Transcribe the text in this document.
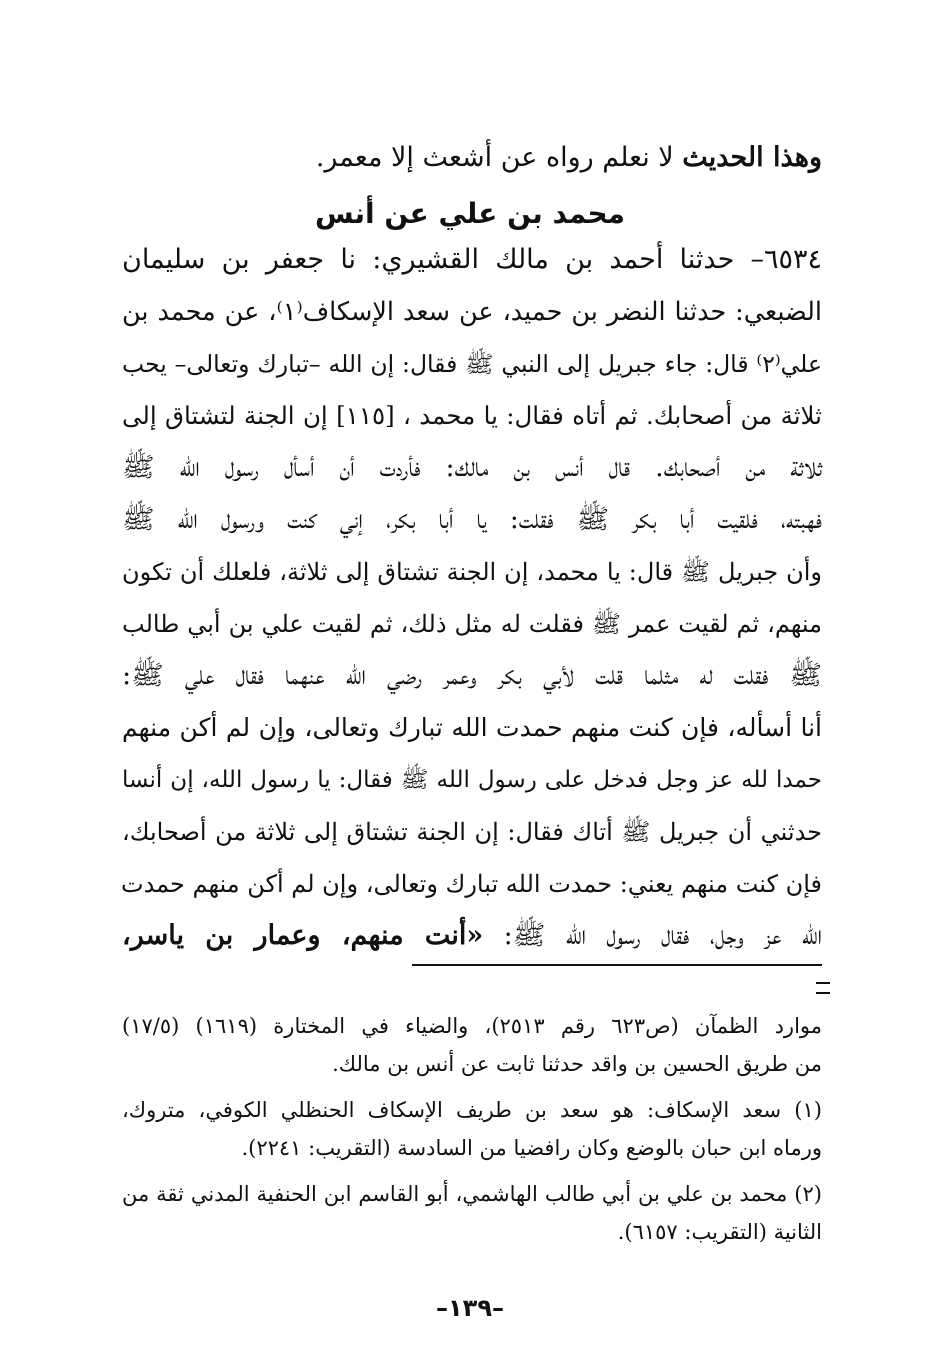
وهذا الحديث لا نعلم رواه عن أشعث إلا معمر.
محمد بن علي عن أنس
٦٥٣٤– حدثنا أحمد بن مالك القشيري: نا جعفر بن سليمان
الضبعي: حدثنا النضر بن حميد، عن سعد الإسكاف⁽١⁾، عن محمد بن
علي⁽٢⁾ قال: جاء جبريل إلى النبي ﷺ فقال: إن الله –تبارك وتعالى– يحب
ثلاثة من أصحابك. ثم أتاه فقال: يا محمد ، [١١٥] إن الجنة لتشتاق إلى
ثلاثة من أصحابك. قال أنس بن مالك: فأردت أن أسأل رسول الله ﷺ
فهبته، فلقيت أبا بكر ﷺ فقلت: يا أبا بكر، إني كنت ورسول الله ﷺ
وأن جبريل ﷺ قال: يا محمد، إن الجنة تشتاق إلى ثلاثة، فلعلك أن تكون
منهم، ثم لقيت عمر ﷺ فقلت له مثل ذلك، ثم لقيت علي بن أبي طالب
ﷺ فقلت له مثلما قلت لأبي بكر وعمر رضي الله عنهما فقال علي ﷺ:
أنا أسأله، فإن كنت منهم حمدت الله تبارك وتعالى، وإن لم أكن منهم
حمدا لله عز وجل فدخل على رسول الله ﷺ فقال: يا رسول الله، إن أنسا
حدثني أن جبريل ﷺ أتاك فقال: إن الجنة تشتاق إلى ثلاثة من أصحابك،
فإن كنت منهم يعني: حمدت الله تبارك وتعالى، وإن لم أكن منهم حمدت
الله عز وجل، فقال رسول الله ﷺ: «أنت منهم، وعمار بن ياسر،
موارد الظمآن (ص٦٢٣ رقم ٢٥١٣)، والضياء في المختارة (١٦١٩) (١٧/٥)
من طريق الحسين بن واقد حدثنا ثابت عن أنس بن مالك.
(١) سعد الإسكاف: هو سعد بن طريف الإسكاف الحنظلي الكوفي، متروك،
ورماه ابن حبان بالوضع وكان رافضيا من السادسة (التقريب: ٢٢٤١).
(٢) محمد بن علي بن أبي طالب الهاشمي، أبو القاسم ابن الحنفية المدني ثقة من
الثانية (التقريب: ٦١٥٧).
–١٣٩–
